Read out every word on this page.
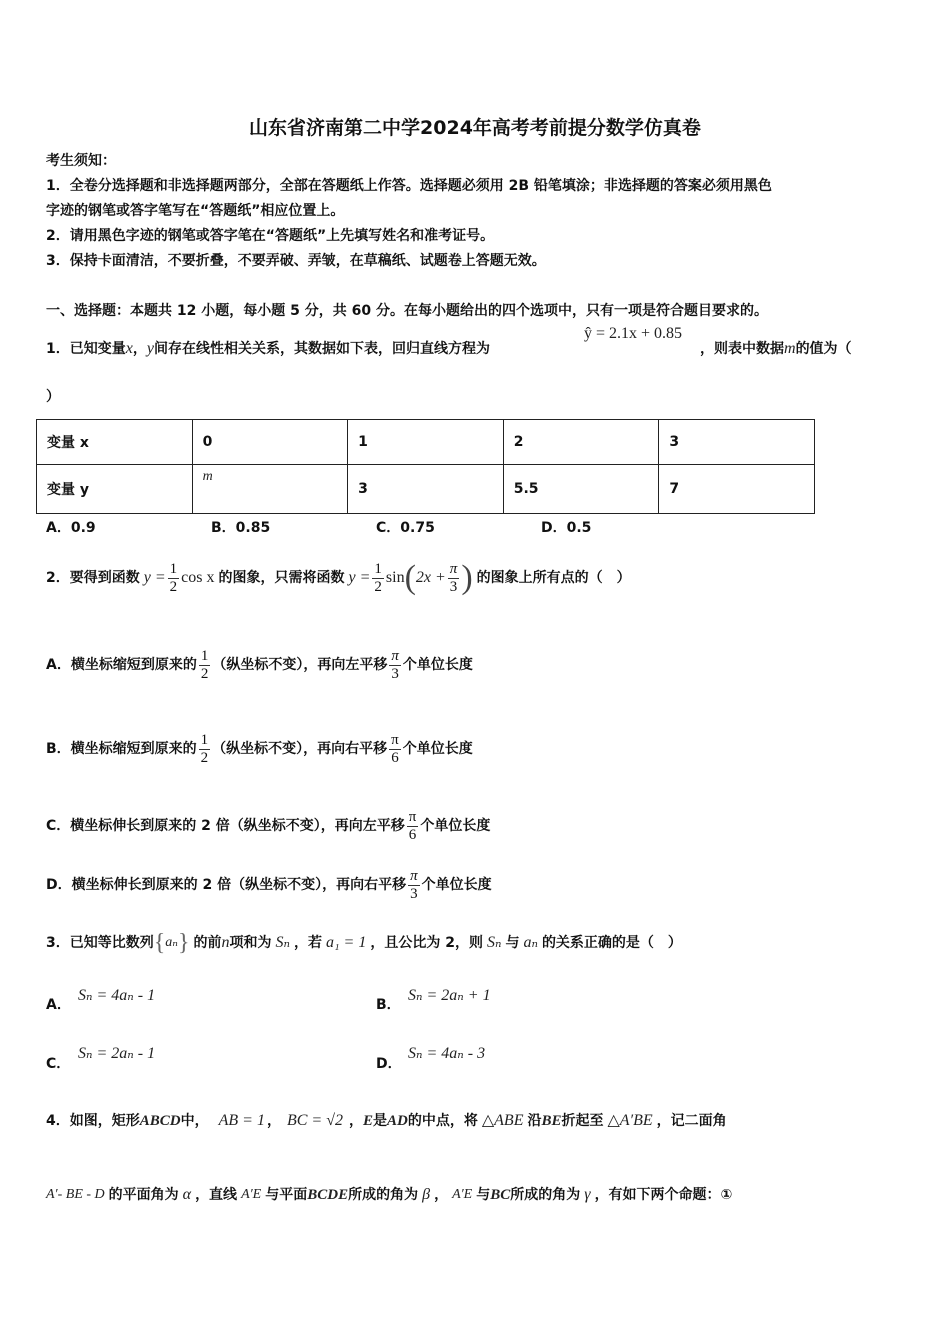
山东省济南第二中学2024年高考考前提分数学仿真卷
考生须知：
1．全卷分选择题和非选择题两部分，全部在答题纸上作答。选择题必须用 2B 铅笔填涂；非选择题的答案必须用黑色
字迹的钢笔或答字笔写在“答题纸”相应位置上。
2．请用黑色字迹的钢笔或答字笔在“答题纸”上先填写姓名和准考证号。
3．保持卡面清洁，不要折叠，不要弄破、弄皱，在草稿纸、试题卷上答题无效。
一、选择题：本题共 12 小题，每小题 5 分，共 60 分。在每小题给出的四个选项中，只有一项是符合题目要求的。
1．已知变量x，y间存在线性相关关系，其数据如下表，回归直线方程为
ŷ = 2.1x + 0.85
，则表中数据m的值为（
）
变量 x	0	1	2	3
变量 y	m	3	5.5	7
A．0.9	B．0.85	C．0.75	D．0.5
2．要得到函数 $y = \frac{1}{2}$ cos x 的图象，只需将函数 $y = \frac{1}{2}$ sin ( $2x + \frac{\pi}{3}$ ) 的图象上所有点的（　）
A．横坐标缩短到原来的 $\frac{1}{2}$ （纵坐标不变），再向左平移 $\frac{\pi}{3}$ 个单位长度
B．横坐标缩短到原来的 $\frac{1}{2}$ （纵坐标不变），再向右平移 $\frac{\pi}{6}$ 个单位长度
C．横坐标伸长到原来的 2 倍（纵坐标不变），再向左平移 $\frac{\pi}{6}$ 个单位长度
D．横坐标伸长到原来的 2 倍（纵坐标不变），再向右平移 $\frac{\pi}{3}$ 个单位长度
3．已知等比数列 { aₙ } 的前 n 项和为 Sₙ ，若 a₁ = 1 ，且公比为 2，则 Sₙ 与 aₙ 的关系正确的是（　）
A．
Sₙ = 4aₙ - 1
B．
Sₙ = 2aₙ + 1
C．
Sₙ = 2aₙ - 1
D．
Sₙ = 4aₙ - 3
4．如图，矩形 ABCD 中， AB = 1 ， BC = √2 ， E 是 AD 的中点，将 △ABE 沿 BE 折起至 △A′BE ，记二面角
A′- BE - D 的平面角为 α ，直线 A′E 与平面 BCDE 所成的角为 β ， A′E 与 BC 所成的角为 γ ，有如下两个命题：①
